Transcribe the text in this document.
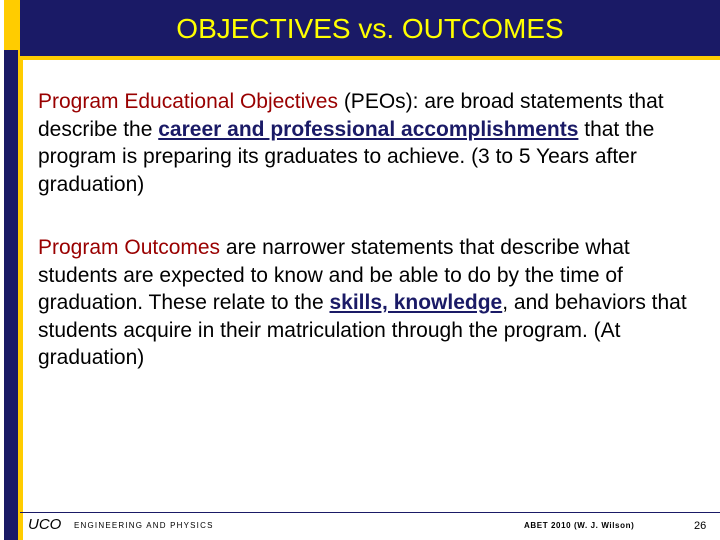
OBJECTIVES vs. OUTCOMES

Program Educational Objectives (PEOs): are broad statements that describe the career and professional accomplishments that the program is preparing its graduates to achieve. (3 to 5 Years after graduation)

Program Outcomes are narrower statements that describe what students are expected to know and be able to do by the time of graduation. These relate to the skills, knowledge, and behaviors that students acquire in their matriculation through the program. (At graduation)

UCO ENGINEERING AND PHYSICS	ABET 2010 (W. J. Wilson)	26
